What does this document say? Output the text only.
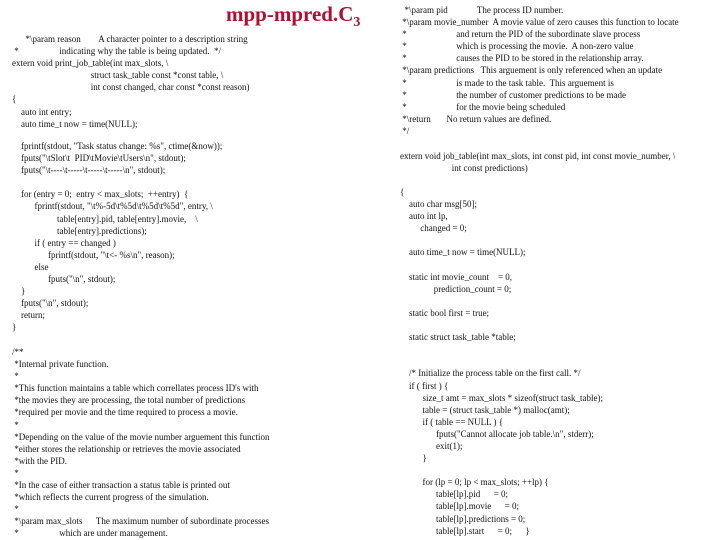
mpp-$mpred.C_3$
*\param reason        A character pointer to a description string
*                  indicating why the table is being updated.  */
extern void print_job_table(int max_slots, \
struct task_table const *const table, \
int const changed, char const *const reason)
{
auto int entry;
auto time_t now = time(NULL);
fprintf(stdout, "Task status change: %s", ctime(&now));
fputs("\tSlot\t  PID\tMovie\tUsers\n", stdout);
fputs("\t----\t-----\t-----\t-----\n", stdout);

for (entry = 0;  entry < max_slots;  ++entry)  {
fprintf(stdout, "\t%-5d\t%5d\t%5d\t%5d", entry, \
table[entry].pid, table[entry].movie,    \
table[entry].predictions);
if ( entry == changed )
fprintf(stdout, "\t<- %s\n", reason);
else
fputs("\n", stdout);
}
fputs("\n", stdout);
return;
}
/**
*Internal private function.
*
*This function maintains a table which correllates process ID's with
*the movies they are processing, the total number of predictions
*required per movie and the time required to process a movie.
*
*Depending on the value of the movie number arguement this function
*either stores the relationship or retrieves the movie associated
*with the PID.
*
*In the case of either transaction a status table is printed out
*which reflects the current progress of the simulation.
*
*\param max_slots      The maximum number of subordinate processes
*                  which are under management.
*\param pid             The process ID number.
*\param movie_number  A movie value of zero causes this function to locate
*                      and return the PID of the subordinate slave process
*                      which is processing the movie.  A non-zero value
*                      causes the PID to be stored in the relationship array.
*\param predictions   This arguement is only referenced when an update
*                      is made to the task table.  This arguement is
*                      the number of customer predictions to be made
*                      for the movie being scheduled
*\return       No return values are defined.
*/
extern void job_table(int max_slots, int const pid, int const movie_number, \
int const predictions)
{
auto char msg[50];
auto int lp,
changed = 0;

auto time_t now = time(NULL);

static int movie_count    = 0,
prediction_count = 0;

static bool first = true;

static struct task_table *table;

/* Initialize the process table on the first call. */
if ( first ) {
size_t amt = max_slots * sizeof(struct task_table);
table = (struct task_table *) malloc(amt);
if ( table == NULL ) {
fputs("Cannot allocate job table.\n", stderr);
exit(1);
}

for (lp = 0; lp < max_slots; ++lp) {
table[lp].pid      = 0;
table[lp].movie      = 0;
table[lp].predictions = 0;
table[lp].start      = 0;      }
